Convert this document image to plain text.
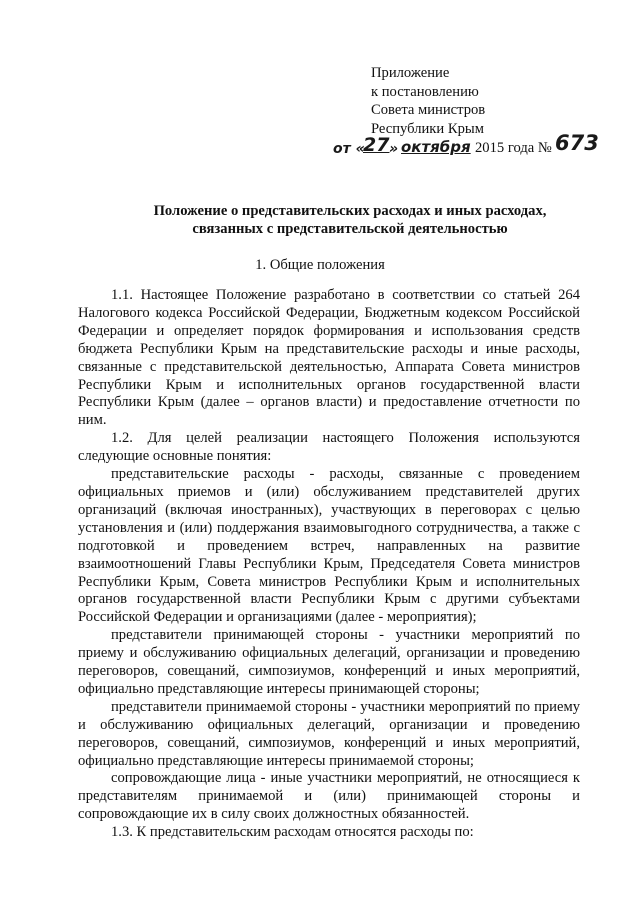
Приложение
к постановлению
Совета министров
Республики Крым
от «
27 » октября 2015 года № 673
Положение о представительских расходах и иных расходах,
связанных с представительской деятельностью
1. Общие положения

1.1. Настоящее Положение разработано в соответствии со статьей 264 Налогового кодекса Российской Федерации, Бюджетным кодексом Российской Федерации и определяет порядок формирования и использования средств бюджета Республики Крым на представительские расходы и иные расходы, связанные с представительской деятельностью, Аппарата Совета министров Республики Крым и исполнительных органов государственной власти Республики Крым (далее – органов власти) и предоставление отчетности по ним.

1.2. Для целей реализации настоящего Положения используются следующие основные понятия:

представительские расходы - расходы, связанные с проведением официальных приемов и (или) обслуживанием представителей других организаций (включая иностранных), участвующих в переговорах с целью установления и (или) поддержания взаимовыгодного сотрудничества, а также с подготовкой и проведением встреч, направленных на развитие взаимоотношений Главы Республики Крым, Председателя Совета министров Республики Крым, Совета министров Республики Крым и исполнительных органов государственной власти Республики Крым с другими субъектами Российской Федерации и организациями (далее - мероприятия);

представители принимающей стороны - участники мероприятий по приему и обслуживанию официальных делегаций, организации и проведению переговоров, совещаний, симпозиумов, конференций и иных мероприятий, официально представляющие интересы принимающей стороны;

представители принимаемой стороны - участники мероприятий по приему и обслуживанию официальных делегаций, организации и проведению переговоров, совещаний, симпозиумов, конференций и иных мероприятий, официально представляющие интересы принимаемой стороны;

сопровождающие лица - иные участники мероприятий, не относящиеся к представителям принимаемой и (или) принимающей стороны и сопровождающие их в силу своих должностных обязанностей.

1.3. К представительским расходам относятся расходы по:
